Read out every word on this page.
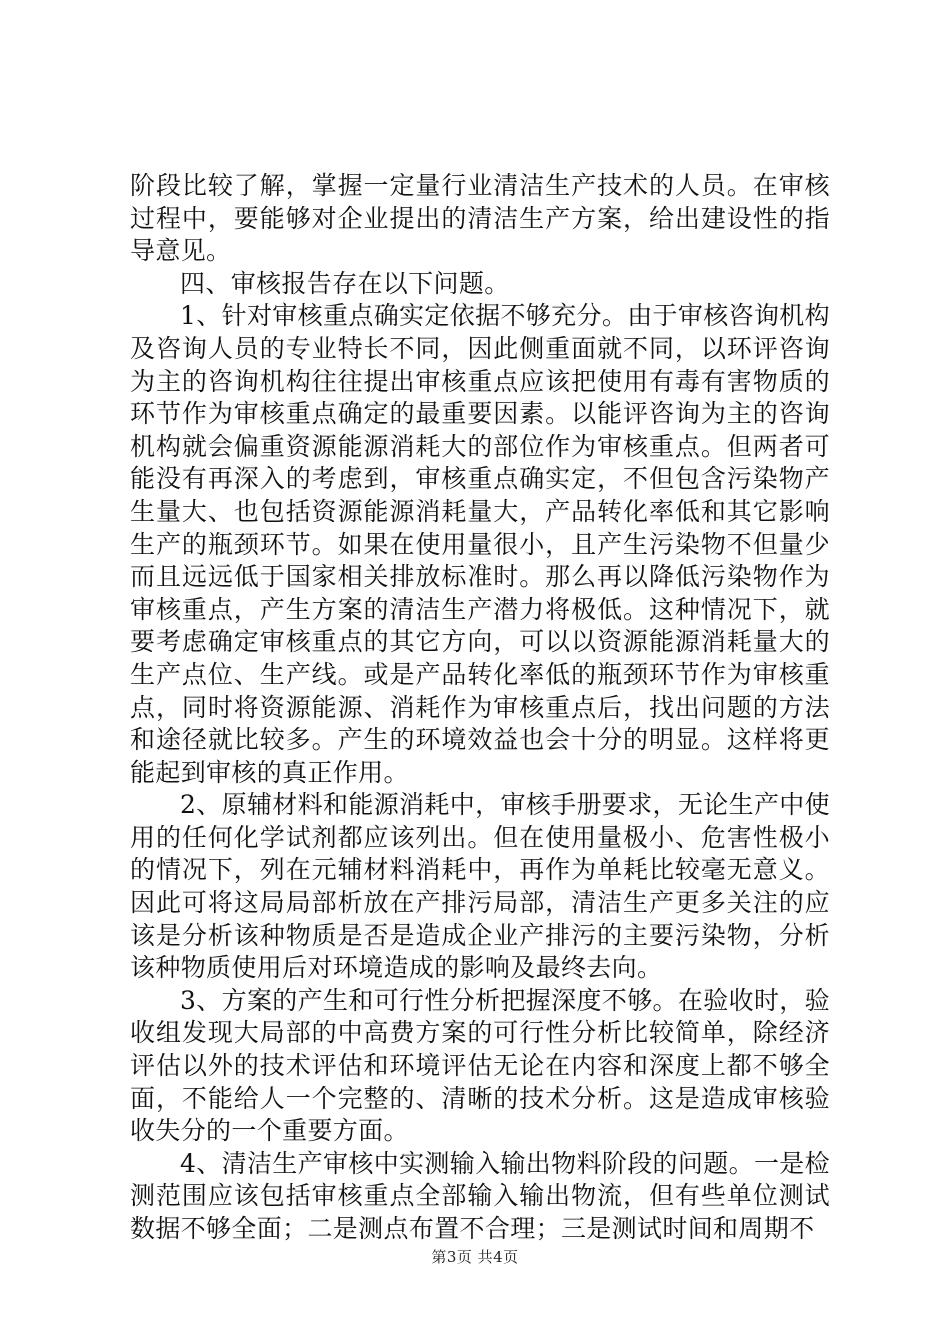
阶段比较了解，掌握一定量行业清洁生产技术的人员。在审核过程中，要能够对企业提出的清洁生产方案，给出建设性的指导意见。

四、审核报告存在以下问题。

1、针对审核重点确实定依据不够充分。由于审核咨询机构及咨询人员的专业特长不同，因此侧重面就不同，以环评咨询为主的咨询机构往往提出审核重点应该把使用有毒有害物质的环节作为审核重点确定的最重要因素。以能评咨询为主的咨询机构就会偏重资源能源消耗大的部位作为审核重点。但两者可能没有再深入的考虑到，审核重点确实定，不但包含污染物产生量大、也包括资源能源消耗量大，产品转化率低和其它影响生产的瓶颈环节。如果在使用量很小，且产生污染物不但量少而且远远低于国家相关排放标准时。那么再以降低污染物作为审核重点，产生方案的清洁生产潜力将极低。这种情况下，就要考虑确定审核重点的其它方向，可以以资源能源消耗量大的生产点位、生产线。或是产品转化率低的瓶颈环节作为审核重点，同时将资源能源、消耗作为审核重点后，找出问题的方法和途径就比较多。产生的环境效益也会十分的明显。这样将更能起到审核的真正作用。

2、原辅材料和能源消耗中，审核手册要求，无论生产中使用的任何化学试剂都应该列出。但在使用量极小、危害性极小的情况下，列在元辅材料消耗中，再作为单耗比较毫无意义。因此可将这局局部析放在产排污局部，清洁生产更多关注的应该是分析该种物质是否是造成企业产排污的主要污染物，分析该种物质使用后对环境造成的影响及最终去向。

3、方案的产生和可行性分析把握深度不够。在验收时，验收组发现大局部的中高费方案的可行性分析比较简单，除经济评估以外的技术评估和环境评估无论在内容和深度上都不够全面，不能给人一个完整的、清晰的技术分析。这是造成审核验收失分的一个重要方面。

4、清洁生产审核中实测输入输出物料阶段的问题。一是检测范围应该包括审核重点全部输入输出物流，但有些单位测试数据不够全面；二是测点布置不合理；三是测试时间和周期不

第3页 共4页
